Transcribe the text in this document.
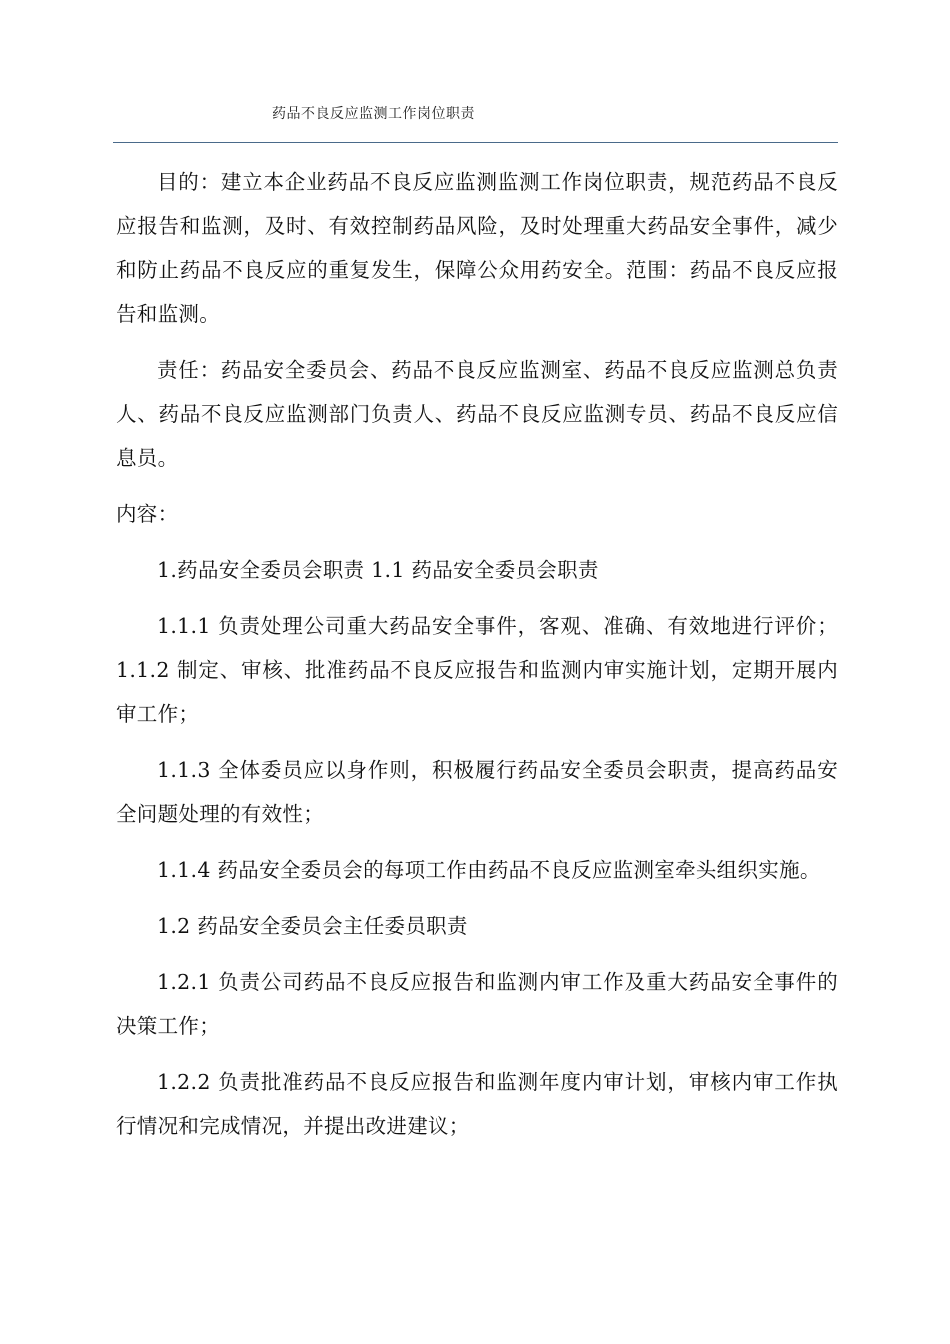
药品不良反应监测工作岗位职责

目的：建立本企业药品不良反应监测监测工作岗位职责，规范药品不良反应报告和监测，及时、有效控制药品风险，及时处理重大药品安全事件，减少和防止药品不良反应的重复发生，保障公众用药安全。范围：药品不良反应报告和监测。

责任：药品安全委员会、药品不良反应监测室、药品不良反应监测总负责人、药品不良反应监测部门负责人、药品不良反应监测专员、药品不良反应信息员。

内容：

1.药品安全委员会职责 1.1 药品安全委员会职责

1.1.1 负责处理公司重大药品安全事件，客观、准确、有效地进行评价；1.1.2 制定、审核、批准药品不良反应报告和监测内审实施计划，定期开展内审工作；

1.1.3 全体委员应以身作则，积极履行药品安全委员会职责，提高药品安全问题处理的有效性；

1.1.4 药品安全委员会的每项工作由药品不良反应监测室牵头组织实施。

1.2 药品安全委员会主任委员职责

1.2.1 负责公司药品不良反应报告和监测内审工作及重大药品安全事件的决策工作；

1.2.2 负责批准药品不良反应报告和监测年度内审计划，审核内审工作执行情况和完成情况，并提出改进建议；
